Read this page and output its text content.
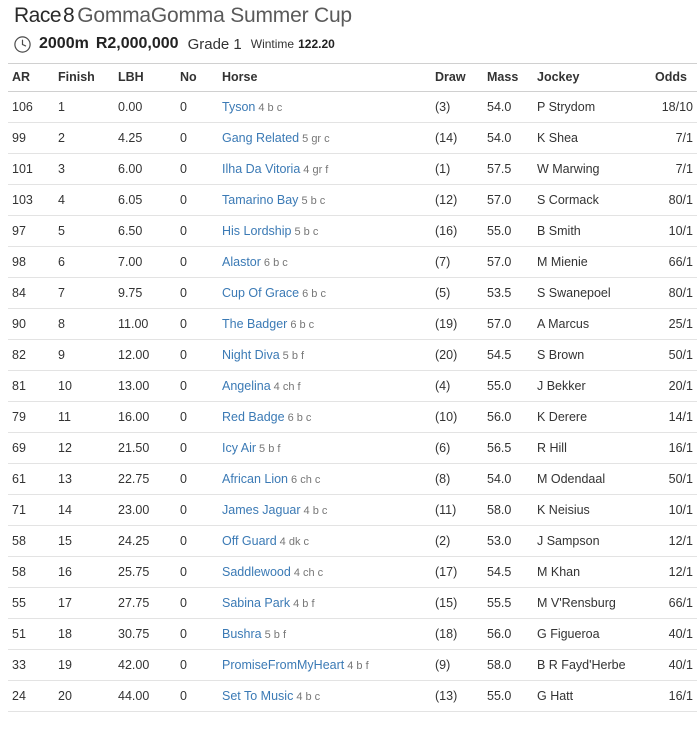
Race 8 GommaGomma Summer Cup
2000m R2,000,000 Grade 1 Wintime 122.20
AR	Finish	LBH	No	Horse	Draw	Mass	Jockey	Odds
106	1	0.00	0	Tyson 4 b c	(3)	54.0	P Strydom	18/10
99	2	4.25	0	Gang Related 5 gr c	(14)	54.0	K Shea	7/1
101	3	6.00	0	Ilha Da Vitoria 4 gr f	(1)	57.5	W Marwing	7/1
103	4	6.05	0	Tamarino Bay 5 b c	(12)	57.0	S Cormack	80/1
97	5	6.50	0	His Lordship 5 b c	(16)	55.0	B Smith	10/1
98	6	7.00	0	Alastor 6 b c	(7)	57.0	M Mienie	66/1
84	7	9.75	0	Cup Of Grace 6 b c	(5)	53.5	S Swanepoel	80/1
90	8	11.00	0	The Badger 6 b c	(19)	57.0	A Marcus	25/1
82	9	12.00	0	Night Diva 5 b f	(20)	54.5	S Brown	50/1
81	10	13.00	0	Angelina 4 ch f	(4)	55.0	J Bekker	20/1
79	11	16.00	0	Red Badge 6 b c	(10)	56.0	K Derere	14/1
69	12	21.50	0	Icy Air 5 b f	(6)	56.5	R Hill	16/1
61	13	22.75	0	African Lion 6 ch c	(8)	54.0	M Odendaal	50/1
71	14	23.00	0	James Jaguar 4 b c	(11)	58.0	K Neisius	10/1
58	15	24.25	0	Off Guard 4 dk c	(2)	53.0	J Sampson	12/1
58	16	25.75	0	Saddlewood 4 ch c	(17)	54.5	M Khan	12/1
55	17	27.75	0	Sabina Park 4 b f	(15)	55.5	M V'Rensburg	66/1
51	18	30.75	0	Bushra 5 b f	(18)	56.0	G Figueroa	40/1
33	19	42.00	0	PromiseFromMyHeart 4 b f	(9)	58.0	B R Fayd'Herbe	40/1
24	20	44.00	0	Set To Music 4 b c	(13)	55.0	G Hatt	16/1
